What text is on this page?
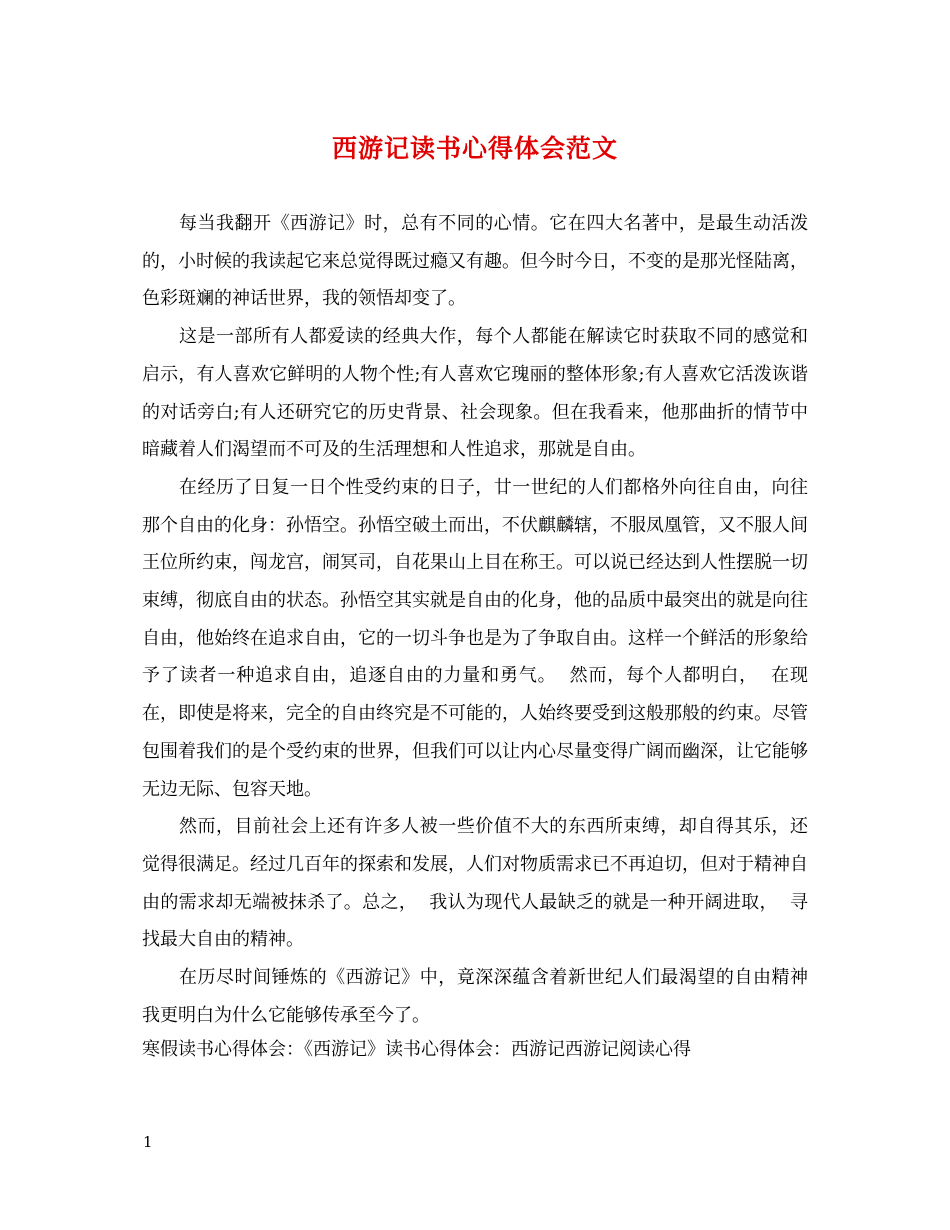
西游记读书心得体会范文

每当我翻开《西游记》时，总有不同的心情。它在四大名著中，是最生动活泼的，小时候的我读起它来总觉得既过瘾又有趣。但今时今日，不变的是那光怪陆离，色彩斑斓的神话世界，我的领悟却变了。

这是一部所有人都爱读的经典大作，每个人都能在解读它时获取不同的感觉和启示，有人喜欢它鲜明的人物个性;有人喜欢它瑰丽的整体形象;有人喜欢它活泼诙谐的对话旁白;有人还研究它的历史背景、社会现象。但在我看来，他那曲折的情节中暗藏着人们渴望而不可及的生活理想和人性追求，那就是自由。

在经历了日复一日个性受约束的日子，廿一世纪的人们都格外向往自由，向往那个自由的化身：孙悟空。孙悟空破土而出，不伏麒麟辖，不服凤凰管，又不服人间王位所约束，闯龙宫，闹冥司，自花果山上目在称王。可以说已经达到人性摆脱一切束缚，彻底自由的状态。孙悟空其实就是自由的化身，他的品质中最突出的就是向往自由，他始终在追求自由，它的一切斗争也是为了争取自由。这样一个鲜活的形象给予了读者一种追求自由，追逐自由的力量和勇气。  然而，每个人都明白，  在现在，即使是将来，完全的自由终究是不可能的，人始终要受到这般那般的约束。尽管包围着我们的是个受约束的世界，但我们可以让内心尽量变得广阔而幽深，让它能够无边无际、包容天地。

然而，目前社会上还有许多人被一些价值不大的东西所束缚，却自得其乐，还觉得很满足。经过几百年的探索和发展，人们对物质需求已不再迫切，但对于精神自由的需求却无端被抹杀了。总之，  我认为现代人最缺乏的就是一种开阔进取，  寻找最大自由的精神。

在历尽时间锤炼的《西游记》中，竟深深蕴含着新世纪人们最渴望的自由精神我更明白为什么它能够传承至今了。

寒假读书心得体会：《西游记》读书心得体会：西游记西游记阅读心得

1
